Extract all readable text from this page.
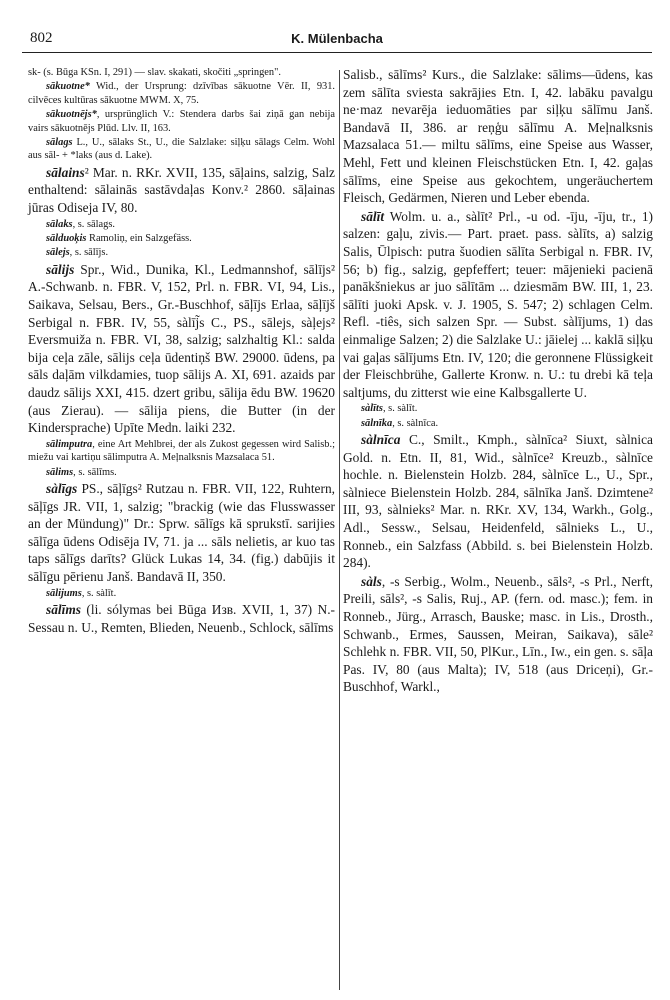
802	K. Mülenbacha
sk- (s. Būga KSn. I, 291) — slav. skakati, skočiti „springen".
sākuotne* Wid., der Ursprung: dzīvības sākuotne Vēr. II, 931. cilvēces kultūras sākuotne MWM. X, 75.
sākuotnējs*, ursprünglich V.: Stendera darbs šai ziņā gan nebija vairs sākuotnējs Plūd. Llv. II, 163.
sālags L., U., sālaks St., U., die Salzlake: siļķu sālags Celm. Wohl aus sāl- + *laks (aus d. Lake).
sālains² Mar. n. RKr. XVII, 135, sāļains, salzig, Salz enthaltend: sālainās sastāvdaļas Konv.² 2860. sāļainas jūras Odiseja IV, 80.
sālaks, s. sālags.
sālduoķis Ramoliņ, ein Salzgefäss.
sālejs, s. sālījs.
sālijs Spr., Wid., Dunika, Kl., Ledmannshof, sālījs² A.-Schwanb. n. FBR. V, 152, Prl. n. FBR. VI, 94, Lis., Saikava, Selsau, Bers., Gr.-Buschhof, sāļījs Erlaa, sāļījš Serbigal n. FBR. IV, 55, sàlīj̃s C., PS., sālejs, sàļejs² Eversmuiža n. FBR. VI, 38, salzig; salzhaltig Kl.: salda bija ceļa zāle, sālijs ceļa ūdentiņš BW. 29000. ūdens, pa sāls daļām vilkdamies, tuop sālijs A. XI, 691. azaids par daudz sālijs XXI, 415. dzert gribu, sālija ēdu BW. 19620 (aus Zierau). — sālija piens, die Butter (in der Kindersprache) Upīte Medn. laiki 232.
sālimputra, eine Art Mehlbrei, der als Zukost gegessen wird Salisb.; miežu vai kartiņu sālimputra A. Meļnalksnis Mazsalaca 51.
sālims, s. sālīms.
sàlīgs PS., sāļīgs² Rutzau n. FBR. VII, 122, Ruhtern, sāļīgs JR. VII, 1, salzig; "brackig (wie das Flusswasser an der Mündung)" Dr.: Sprw. sālīgs kā sprukstī. sarijies sālīga ūdens Odisēja IV, 71. ja ... sāls nelietis, ar kuo tas taps sālīgs darīts? Glück Lukas 14, 34. (fig.) dabūjis it sālīgu pērienu Janš. Bandavā II, 350.
sālijums, s. sàlīt.
sālīms (li. sólymas bei Būga Изв. XVII, 1, 37) N.-Sessau n. U., Remten, Blieden, Neuenb., Schlock, sālīms
Salisb., sālīms² Kurs., die Salzlake: sālims—ūdens, kas zem sālīta sviesta sakrājies Etn. I, 42. labāku pavalgu ne·maz nevarēja ieduomāties par siļķu sālīmu Janš. Bandavā II, 386. ar reņģu sālīmu A. Meļnalksnis Mazsalaca 51.— miltu sālīms, eine Speise aus Wasser, Mehl, Fett und kleinen Fleischstücken Etn. I, 42. gaļas sālīms, eine Speise aus gekochtem, ungeräuchertem Fleisch, Gedärmen, Nieren und Leber ebenda.
sālīt Wolm. u. a., sàlīt² Prl., -u od. -īju, -īju, tr., 1) salzen: gaļu, zivis.— Part. praet. pass. sàlīts, a) salzig Salis, Ūlpisch: putra šuodien sālīta Serbigal n. FBR. IV, 56; b) fig., salzig, gepfeffert; teuer: mājenieki pacienā panākšniekus ar juo sālītām ... dziesmām BW. III, 1, 23. sālīti juoki Apsk. v. J. 1905, S. 547; 2) schlagen Celm. Refl. -tiês, sich salzen Spr. — Subst. sàlījums, 1) das einmalige Salzen; 2) die Salzlake U.: jāielej ... kaklā siļķu vai gaļas sālījums Etn. IV, 120; die geronnene Flüssigkeit der Fleischbrühe, Gallerte Kronw. n. U.: tu drebi kā teļa saltjums, du zitterst wie eine Kalbsgallerte U.
sàlīts, s. sàlīt.
sālnīka, s. sàlnīca.
sàlnīca C., Smilt., Kmph., sàlnīca² Siuxt, sàlnica Gold. n. Etn. II, 81, Wid., sàlnīce² Kreuzb., sàlnīce hochle. n. Bielenstein Holzb. 284, sàlnīce L., U., Spr., sàlniece Bielenstein Holzb. 284, sālnīka Janš. Dzimtene² III, 93, sàlnieks² Mar. n. RKr. XV, 134, Warkh., Golg., Adl., Sessw., Selsau, Heidenfeld, sālnieks L., U., Ronneb., ein Salzfass (Abbild. s. bei Bielenstein Holzb. 284).
sàls, -s Serbig., Wolm., Neuenb., sāls², -s Prl., Nerft, Preili, sāls², -s Salis, Ruj., AP. (fern. od. masc.); fem. in Ronneb., Jürg., Arrasch, Bauske; masc. in Lis., Drosth., Schwanb., Ermes, Saussen, Meiran, Saikava), sāle² Schlehk n. FBR. VII, 50, PlKur., Līn., Iw., ein gen. s. sāļa Pas. IV, 80 (aus Malta); IV, 518 (aus Driceņi), Gr.-Buschhof, Warkl.,
